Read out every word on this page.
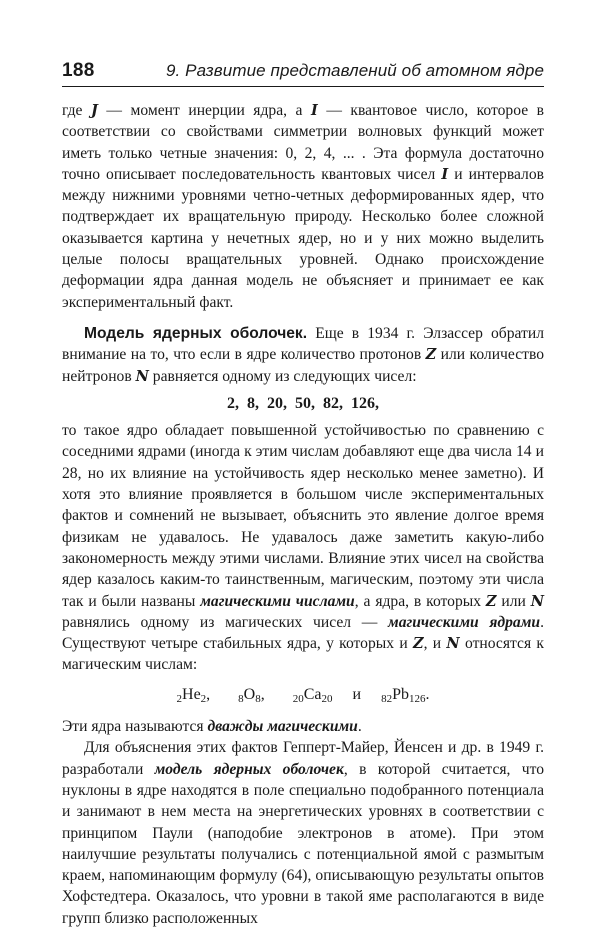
188	9. Развитие представлений об атомном ядре

где J — момент инерции ядра, а I — квантовое число, которое в соответствии со свойствами симметрии волновых функций может иметь только четные значения: 0, 2, 4, ... . Эта формула достаточно точно описывает последовательность квантовых чисел I и интервалов между нижними уровнями четно-четных деформированных ядер, что подтверждает их вращательную природу. Несколько более сложной оказывается картина у нечетных ядер, но и у них можно выделить целые полосы вращательных уровней. Однако происхождение деформации ядра данная модель не объясняет и принимает ее как экспериментальный факт.

Модель ядерных оболочек. Еще в 1934 г. Элзассер обратил внимание на то, что если в ядре количество протонов Z или количество нейтронов N равняется одному из следующих чисел:

2, 8, 20, 50, 82, 126,

то такое ядро обладает повышенной устойчивостью по сравнению с соседними ядрами (иногда к этим числам добавляют еще два числа 14 и 28, но их влияние на устойчивость ядер несколько менее заметно). И хотя это влияние проявляется в большом числе экспериментальных фактов и сомнений не вызывает, объяснить это явление долгое время физикам не удавалось. Не удавалось даже заметить какую-либо закономерность между этими числами. Влияние этих чисел на свойства ядер казалось каким-то таинственным, магическим, поэтому эти числа так и были названы магическими числами, а ядра, в которых Z или N равнялись одному из магических чисел — магическими ядрами. Существуют четыре стабильных ядра, у которых и Z, и N относятся к магическим числам:

$_2He_2$,	$_8O_8$,	$_{20}Ca_{20}$ и $_{82}Pb_{126}$.

Эти ядра называются дважды магическими.

Для объяснения этих фактов Гепперт-Майер, Йенсен и др. в 1949 г. разработали модель ядерных оболочек, в которой считается, что нуклоны в ядре находятся в поле специально подобранного потенциала и занимают в нем места на энергетических уровнях в соответствии с принципом Паули (наподобие электронов в атоме). При этом наилучшие результаты получались с потенциальной ямой с размытым краем, напоминающим формулу (64), описывающую результаты опытов Хофстедтера. Оказалось, что уровни в такой яме располагаются в виде групп близко расположенных
